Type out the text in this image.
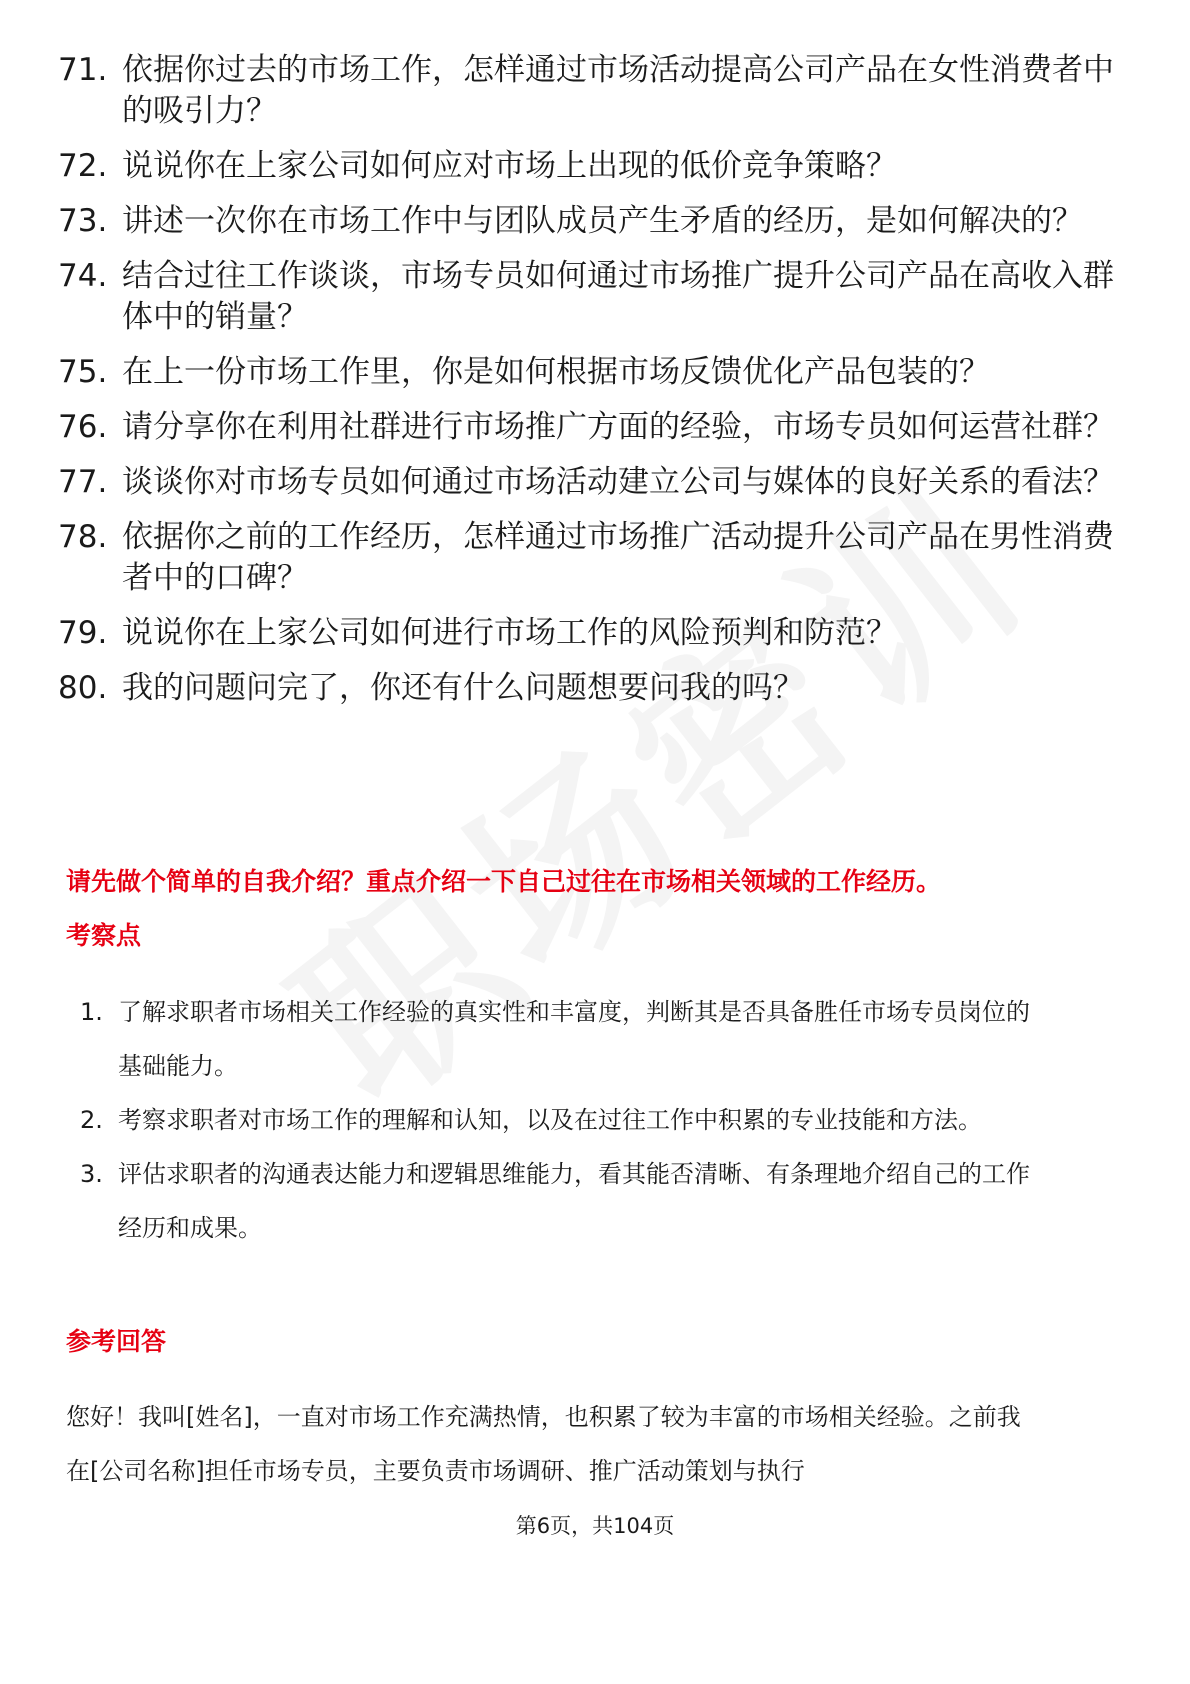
71. 依据你过去的市场工作，怎样通过市场活动提高公司产品在女性消费者中的吸引力？
72. 说说你在上家公司如何应对市场上出现的低价竞争策略？
73. 讲述一次你在市场工作中与团队成员产生矛盾的经历，是如何解决的？
74. 结合过往工作谈谈，市场专员如何通过市场推广提升公司产品在高收入群体中的销量？
75. 在上一份市场工作里，你是如何根据市场反馈优化产品包装的？
76. 请分享你在利用社群进行市场推广方面的经验，市场专员如何运营社群？
77. 谈谈你对市场专员如何通过市场活动建立公司与媒体的良好关系的看法？
78. 依据你之前的工作经历，怎样通过市场推广活动提升公司产品在男性消费者中的口碑？
79. 说说你在上家公司如何进行市场工作的风险预判和防范？
80. 我的问题问完了，你还有什么问题想要问我的吗？
请先做个简单的自我介绍？重点介绍一下自己过往在市场相关领域的工作经历。
考察点
1. 了解求职者市场相关工作经验的真实性和丰富度，判断其是否具备胜任市场专员岗位的基础能力。
2. 考察求职者对市场工作的理解和认知，以及在过往工作中积累的专业技能和方法。
3. 评估求职者的沟通表达能力和逻辑思维能力，看其能否清晰、有条理地介绍自己的工作经历和成果。
参考回答
您好！我叫[姓名]，一直对市场工作充满热情，也积累了较为丰富的市场相关经验。之前我在[公司名称]担任市场专员，主要负责市场调研、推广活动策划与执行
第6页，共104页
